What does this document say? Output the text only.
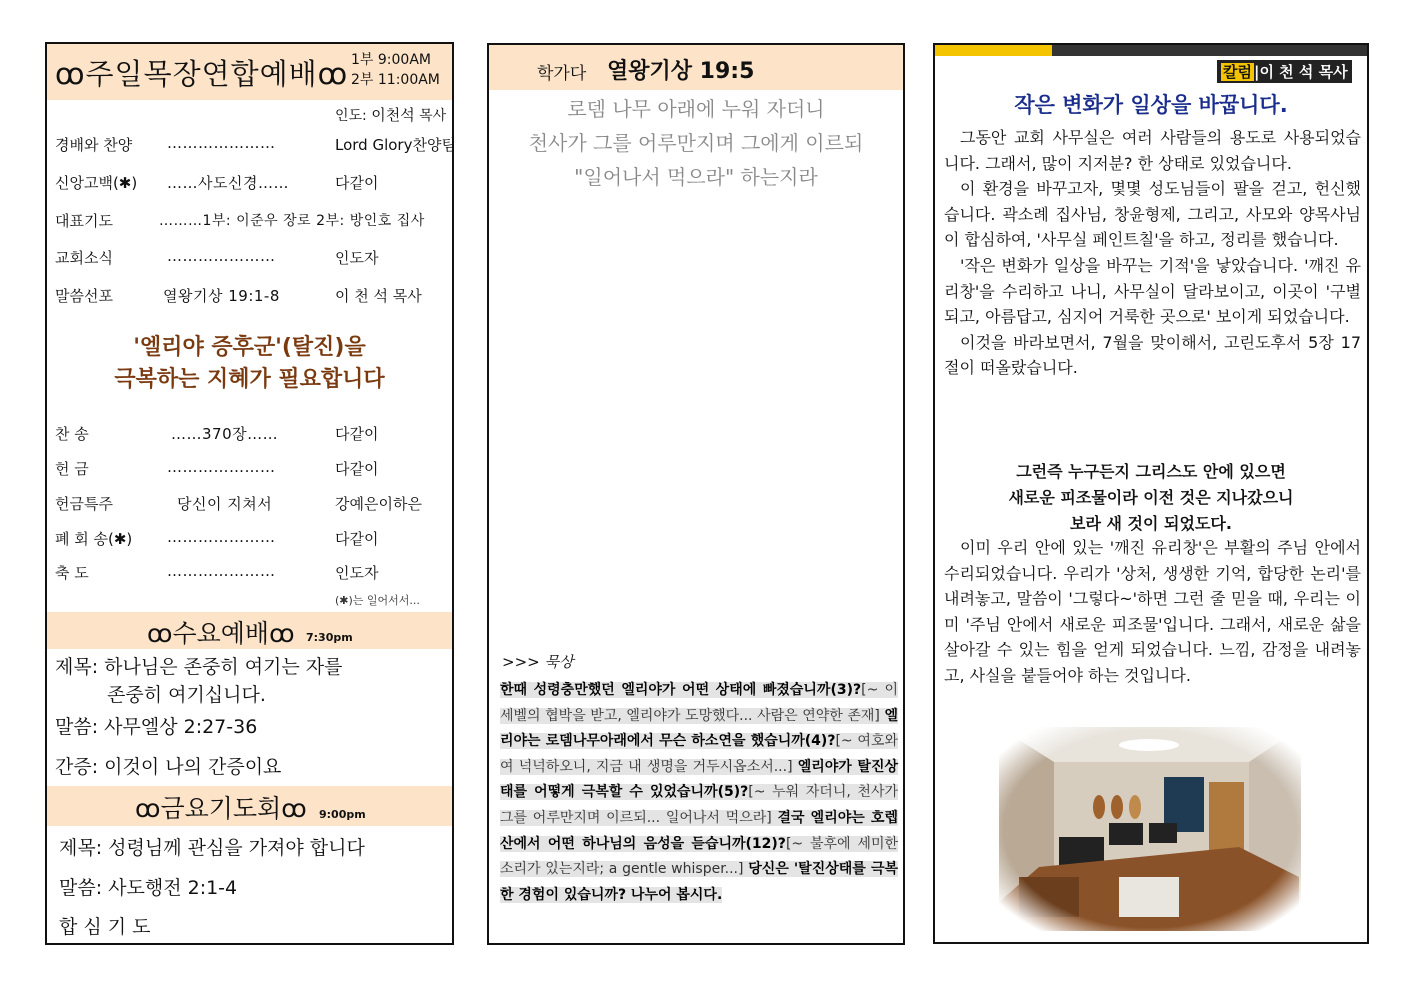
ꝏ주일목장연합예배ꝏ 1부 9:00AM
2부 11:00AM
인도: 이천석 목사
경배와 찬양 …………………	Lord Glory찬양팀
신앙고백(✱) ……사도신경……	다같이
대표기도	………1부: 이준우 장로 2부: 방인호 집사
교회소식	…………………	인도자
말씀선포	열왕기상 19:1-8	이 천 석 목사
'엘리야 증후군'(탈진)을
극복하는 지혜가 필요합니다
찬 송	……370장……	다같이
헌 금	…………………	다같이
헌금특주	당신이 지쳐서	강예은이하은
폐 회 송(✱) …………………	다같이
축 도	…………………	인도자
(✱)는 일어서서...
ꝏ수요예배ꝏ 7:30pm
제목: 하나님은 존중히 여기는 자를
존중히 여기십니다.
말씀: 사무엘상 2:27-36
간증: 이것이 나의 간증이요
ꝏ금요기도회ꝏ 9:00pm
제목: 성령님께 관심을 가져야 합니다
말씀: 사도행전 2:1-4
합 심 기 도
학가다 열왕기상 19:5
로뎀 나무 아래에 누워 자더니
천사가 그를 어루만지며 그에게 이르되
"일어나서 먹으라" 하는지라
>>> 묵상
한때 성령충만했던 엘리야가 어떤 상태에 빠졌습니까(3)?[~ 이세벨의 협박을 받고, 엘리야가 도망했다... 사람은 연약한 존재] 엘리야는 로뎀나무아래에서 무슨 하소연을 했습니까(4)?[~ 여호와여 넉넉하오니, 지금 내 생명을 거두시옵소서...] 엘리야가 탈진상태를 어떻게 극복할 수 있었습니까(5)?[~ 누워 자더니, 천사가 그를 어루만지며 이르되... 일어나서 먹으라] 결국 엘리야는 호렙산에서 어떤 하나님의 음성을 듣습니까(12)?[~ 불후에 세미한 소리가 있는지라; a gentle whisper...] 당신은 '탈진상태를 극복한 경험이 있습니까? 나누어 봅시다.
칼럼 |이 천 석 목사
작은 변화가 일상을 바꿉니다.

그동안 교회 사무실은 여러 사람들의 용도로 사용되었습니다. 그래서, 많이 지저분? 한 상태로 있었습니다.

이 환경을 바꾸고자, 몇몇 성도님들이 팔을 걷고, 헌신했습니다. 곽소례 집사님, 창윤형제, 그리고, 사모와 양목사님이 합심하여, '사무실 페인트칠'을 하고, 정리를 했습니다.

'작은 변화가 일상을 바꾸는 기적'을 낳았습니다. '깨진 유리창'을 수리하고 나니, 사무실이 달라보이고, 이곳이 '구별되고, 아름답고, 심지어 거룩한 곳으로' 보이게 되었습니다.

이것을 바라보면서, 7월을 맞이해서, 고린도후서 5장 17절이 떠올랐습니다.

그런즉 누구든지 그리스도 안에 있으면
새로운 피조물이라 이전 것은 지나갔으니
보라 새 것이 되었도다.

이미 우리 안에 있는 '깨진 유리창'은 부활의 주님 안에서 수리되었습니다. 우리가 '상처, 생생한 기억, 합당한 논리'를 내려놓고, 말씀이 '그렇다~'하면 그런 줄 믿을 때, 우리는 이미 '주님 안에서 새로운 피조물'입니다. 그래서, 새로운 삶을 살아갈 수 있는 힘을 얻게 되었습니다. 느낌, 감정을 내려놓고, 사실을 붙들어야 하는 것입니다.
